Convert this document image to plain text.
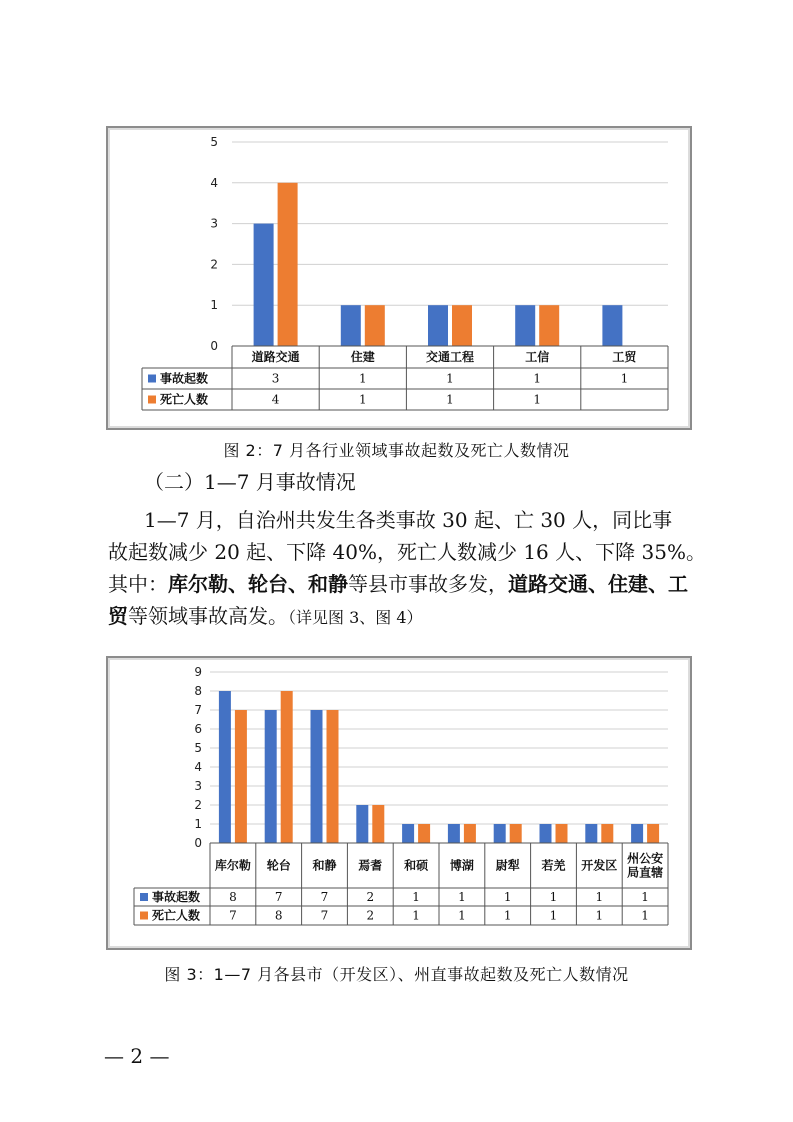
0
1
2
3
4
5
道路交通	住建	交通工程	工信	工贸
事故起数	3	1	1	1	1
死亡人数	4	1	1	1
图 2：7 月各行业领域事故起数及死亡人数情况
（二）1—7 月事故情况
1—7 月，自治州共发生各类事故 30 起、亡 30 人，同比事
故起数减少 20 起、下降 40%，死亡人数减少 16 人、下降 35%。
其中：库尔勒、轮台、和静等县市事故多发，道路交通、住建、工
贸等领域事故高发。（详见图 3、图 4）
0
1
2
3
4
5
6
7
8
9
库尔勒 轮台 和静 焉耆 和硕 博湖 尉犁 若羌 开发区 州公安
局直辖
事故起数 8	7	7	2	1	1	1	1	1	1
死亡人数 7	8	7	2	1	1	1	1	1	1
图 3：1—7 月各县市（开发区）、州直事故起数及死亡人数情况
— 2 —
